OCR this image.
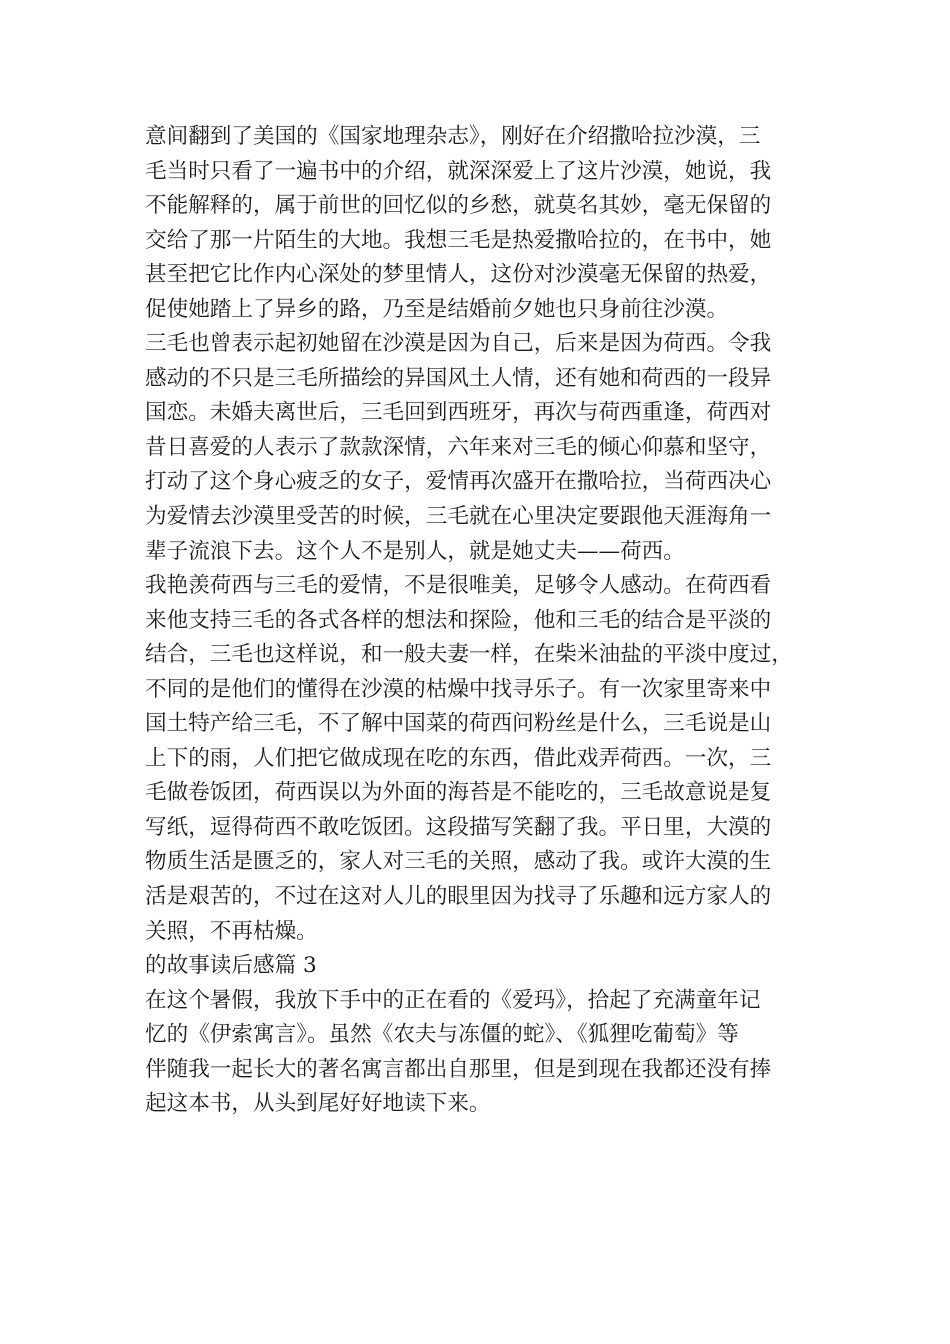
意间翻到了美国的《国家地理杂志》，刚好在介绍撒哈拉沙漠，三
毛当时只看了一遍书中的介绍，就深深爱上了这片沙漠，她说，我
不能解释的，属于前世的回忆似的乡愁，就莫名其妙，毫无保留的
交给了那一片陌生的大地。我想三毛是热爱撒哈拉的，在书中，她
甚至把它比作内心深处的梦里情人，这份对沙漠毫无保留的热爱，
促使她踏上了异乡的路，乃至是结婚前夕她也只身前往沙漠。
三毛也曾表示起初她留在沙漠是因为自己，后来是因为荷西。令我
感动的不只是三毛所描绘的异国风土人情，还有她和荷西的一段异
国恋。未婚夫离世后，三毛回到西班牙，再次与荷西重逢，荷西对
昔日喜爱的人表示了款款深情，六年来对三毛的倾心仰慕和坚守，
打动了这个身心疲乏的女子，爱情再次盛开在撒哈拉，当荷西决心
为爱情去沙漠里受苦的时候，三毛就在心里决定要跟他天涯海角一
辈子流浪下去。这个人不是别人，就是她丈夫——荷西。
我艳羡荷西与三毛的爱情，不是很唯美，足够令人感动。在荷西看
来他支持三毛的各式各样的想法和探险，他和三毛的结合是平淡的
结合，三毛也这样说，和一般夫妻一样，在柴米油盐的平淡中度过，
不同的是他们的懂得在沙漠的枯燥中找寻乐子。有一次家里寄来中
国土特产给三毛，不了解中国菜的荷西问粉丝是什么，三毛说是山
上下的雨，人们把它做成现在吃的东西，借此戏弄荷西。一次，三
毛做卷饭团，荷西误以为外面的海苔是不能吃的，三毛故意说是复
写纸，逗得荷西不敢吃饭团。这段描写笑翻了我。平日里，大漠的
物质生活是匮乏的，家人对三毛的关照，感动了我。或许大漠的生
活是艰苦的，不过在这对人儿的眼里因为找寻了乐趣和远方家人的
关照，不再枯燥。
的故事读后感篇 3
在这个暑假，我放下手中的正在看的《爱玛》，拾起了充满童年记
忆的《伊索寓言》。虽然《农夫与冻僵的蛇》、《狐狸吃葡萄》等
伴随我一起长大的著名寓言都出自那里，但是到现在我都还没有捧
起这本书，从头到尾好好地读下来。
